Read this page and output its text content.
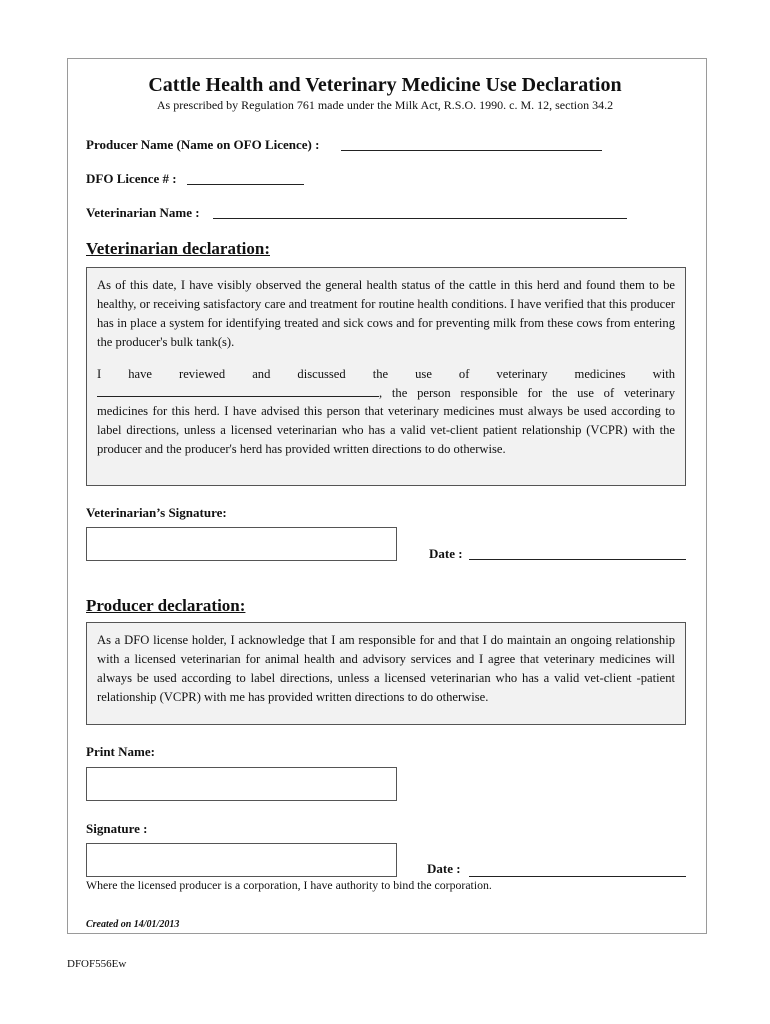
Cattle Health and Veterinary Medicine Use Declaration
As prescribed by Regulation 761 made under the Milk Act, R.S.O. 1990. c. M. 12, section 34.2
Producer Name (Name on OFO Licence) :
DFO Licence # :
Veterinarian Name :
Veterinarian declaration:

As of this date, I have visibly observed the general health status of the cattle in this herd and found them to be healthy, or receiving satisfactory care and treatment for routine health conditions. I have verified that this producer has in place a system for identifying treated and sick cows and for preventing milk from these cows from entering the producer's bulk tank(s).

I have reviewed and discussed the use of veterinary medicines with
, the person responsible for the use of veterinary medicines for this herd. I have advised this person that veterinary medicines must always be used according to label directions, unless a licensed veterinarian who has a valid vet-client patient relationship (VCPR) with the producer and the producer's herd has provided written directions to do otherwise.

Veterinarian’s Signature:
Date :
Producer declaration:

As a DFO license holder, I acknowledge that I am responsible for and that I do maintain an ongoing relationship with a licensed veterinarian for animal health and advisory services and I agree that veterinary medicines will always be used according to label directions, unless a licensed veterinarian who has a valid vet-client -patient relationship (VCPR) with me has provided written directions to do otherwise.

Print Name:
Signature :
Date :
Where the licensed producer is a corporation, I have authority to bind the corporation.
Created on 14/01/2013
DFOF556Ew
